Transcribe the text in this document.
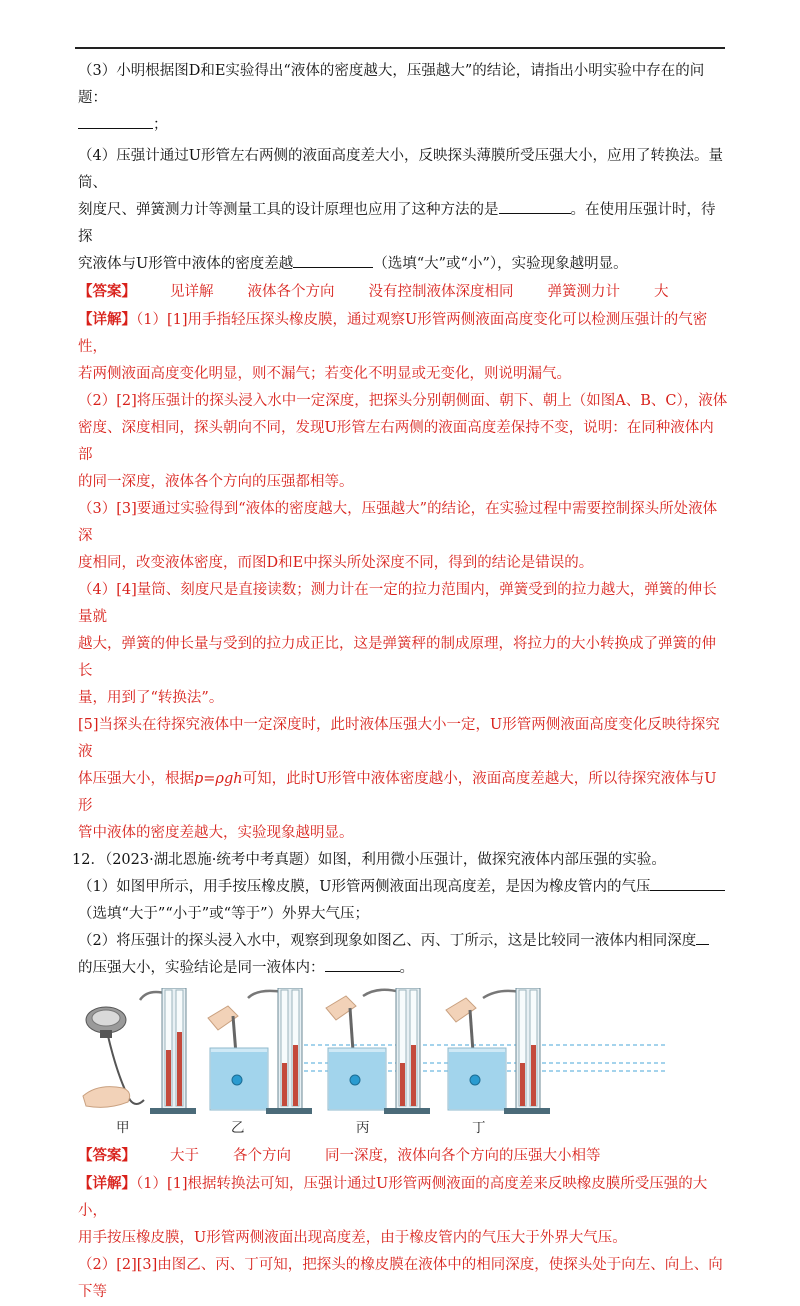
（3）小明根据图D和E实验得出“液体的密度越大，压强越大”的结论，请指出小明实验中存在的问题：

；

（4）压强计通过U形管左右两侧的液面高度差大小，反映探头薄膜所受压强大小，应用了转换法。量筒、

刻度尺、弹簧测力计等测量工具的设计原理也应用了这种方法的是	。在使用压强计时，待探

究液体与U形管中液体的密度差越	（选填“大”或“小”），实验现象越明显。

【答案】 见详解 液体各个方向 没有控制液体深度相同 弹簧测力计 大

【详解】（1）[1]用手指轻压探头橡皮膜，通过观察U形管两侧液面高度变化可以检测压强计的气密性，

若两侧液面高度变化明显，则不漏气；若变化不明显或无变化，则说明漏气。

（2）[2]将压强计的探头浸入水中一定深度，把探头分别朝侧面、朝下、朝上（如图A、B、C），液体

密度、深度相同，探头朝向不同，发现U形管左右两侧的液面高度差保持不变，说明：在同种液体内部

的同一深度，液体各个方向的压强都相等。

（3）[3]要通过实验得到“液体的密度越大，压强越大”的结论，在实验过程中需要控制探头所处液体深

度相同，改变液体密度，而图D和E中探头所处深度不同，得到的结论是错误的。

（4）[4]量筒、刻度尺是直接读数；测力计在一定的拉力范围内，弹簧受到的拉力越大，弹簧的伸长量就

越大，弹簧的伸长量与受到的拉力成正比，这是弹簧秤的制成原理，将拉力的大小转换成了弹簧的伸长

量，用到了“转换法”。

[5]当探头在待探究液体中一定深度时，此时液体压强大小一定，U形管两侧液面高度变化反映待探究液

体压强大小，根据p=ρgh可知，此时U形管中液体密度越小，液面高度差越大，所以待探究液体与U形

管中液体的密度差越大，实验现象越明显。

12．（2023·湖北恩施·统考中考真题）如图，利用微小压强计，做探究液体内部压强的实验。

（1）如图甲所示，用手按压橡皮膜，U形管两侧液面出现高度差，是因为橡皮管内的气压

（选填“大于”“小于”或“等于”）外界大气压；

（2）将压强计的探头浸入水中，观察到现象如图乙、丙、丁所示，这是比较同一液体内相同深度

的压强大小，实验结论是同一液体内：	。

甲	乙	丙	丁

【答案】 大于 各个方向 同一深度，液体向各个方向的压强大小相等

【详解】（1）[1]根据转换法可知，压强计通过U形管两侧液面的高度差来反映橡皮膜所受压强的大小，

用手按压橡皮膜，U形管两侧液面出现高度差，由于橡皮管内的气压大于外界大气压。

（2）[2][3]由图乙、丙、丁可知，把探头的橡皮膜在液体中的相同深度，使探头处于向左、向上、向下等
